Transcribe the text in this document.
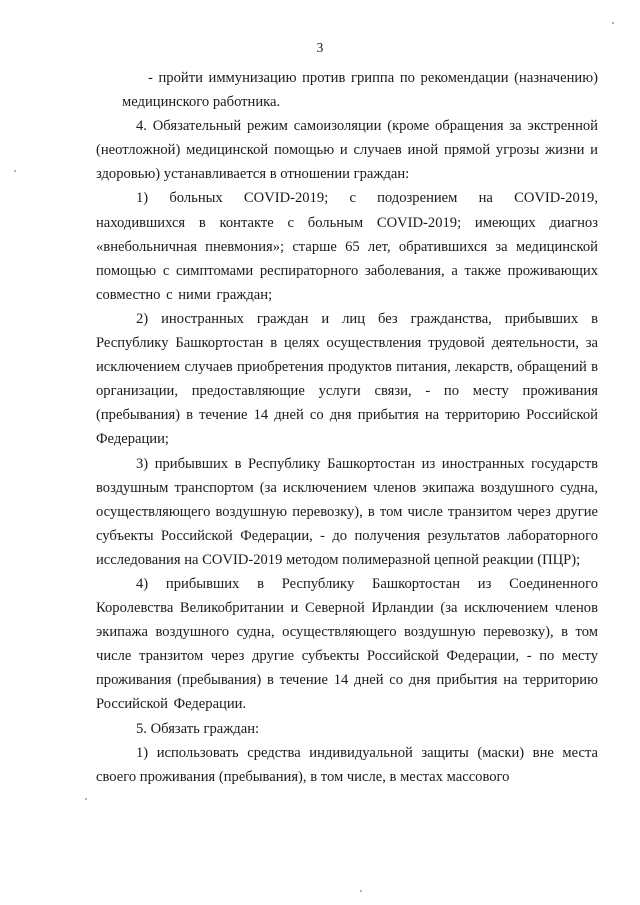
3

- пройти иммунизацию против гриппа по рекомендации (назначению) медицинского работника.

4. Обязательный режим самоизоляции (кроме обращения за экстренной (неотложной) медицинской помощью и случаев иной прямой угрозы жизни и здоровью) устанавливается в отношении граждан:

1) больных COVID-2019; с подозрением на COVID-2019, находившихся в контакте с больным COVID-2019; имеющих диагноз «внебольничная пневмония»; старше 65 лет, обратившихся за медицинской помощью с симптомами респираторного заболевания, а также проживающих совместно с ними граждан;

2) иностранных граждан и лиц без гражданства, прибывших в Республику Башкортостан в целях осуществления трудовой деятельности, за исключением случаев приобретения продуктов питания, лекарств, обращений в организации, предоставляющие услуги связи, - по месту проживания (пребывания) в течение 14 дней со дня прибытия на территорию Российской Федерации;

3) прибывших в Республику Башкортостан из иностранных государств воздушным транспортом (за исключением членов экипажа воздушного судна, осуществляющего воздушную перевозку), в том числе транзитом через другие субъекты Российской Федерации, - до получения результатов лабораторного исследования на COVID-2019 методом полимеразной цепной реакции (ПЦР);

4) прибывших в Республику Башкортостан из Соединенного Королевства Великобритании и Северной Ирландии (за исключением членов экипажа воздушного судна, осуществляющего воздушную перевозку), в том числе транзитом через другие субъекты Российской Федерации, - по месту проживания (пребывания) в течение 14 дней со дня прибытия на территорию Российской Федерации.

5. Обязать граждан:

1) использовать средства индивидуальной защиты (маски) вне места своего проживания (пребывания), в том числе, в местах массового
